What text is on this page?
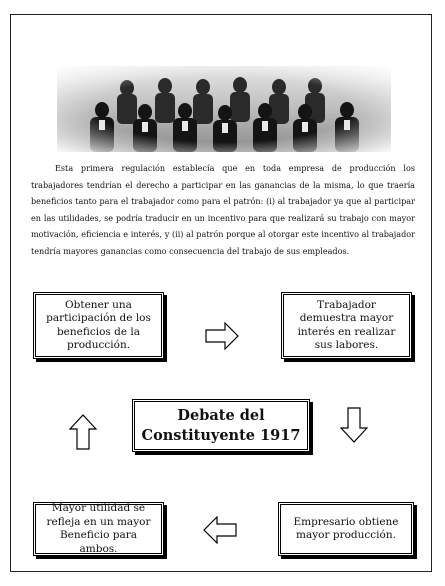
Esta primera regulación establecía que en toda empresa de producción los trabajadores tendrían el derecho a participar en las ganancias de la misma, lo que traería beneficios tanto para el trabajador como para el patrón: (i) al trabajador ya que al participar en las utilidades, se podría traducir en un incentivo para que realizará su trabajo con mayor motivación, eficiencia e interés, y (ii) al patrón porque al otorgar este incentivo al trabajador tendría mayores ganancias como consecuencia del trabajo de sus empleados.

Obtener una
participación de los
beneficios de la
producción.
Trabajador
demuestra mayor
interés en realizar
sus labores.
Debate del
Constituyente 1917
Empresario obtiene
mayor producción.
Mayor utilidad se
refleja en un mayor
Beneficio para ambos.
